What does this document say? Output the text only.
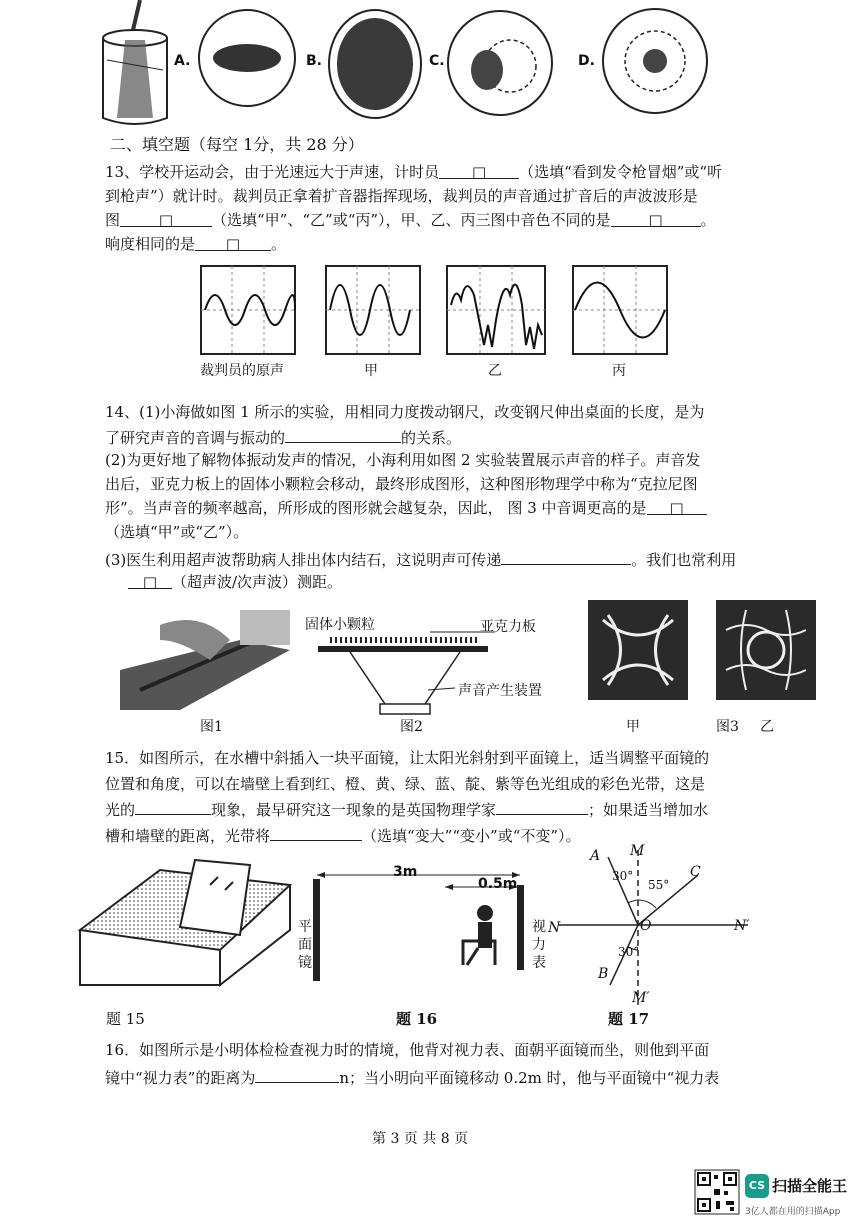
A.	B.	C.	D.
二、填空题（每空 1分，共 28 分）
13、学校开运动会，由于光速远大于声速，计时员 □ （选填“看到发令枪冒烟”或“听
到枪声”）就计时。裁判员正拿着扩音器指挥现场，裁判员的声音通过扩音后的声波波形是
图	□	（选填“甲”、“乙”或“丙”），甲、乙、丙三图中音色不同的是	□	。
响度相同的是 □ 。
裁判员的原声	甲	乙	丙
14、(1)小海做如图 1 所示的实验，用相同力度拨动钢尺，改变钢尺伸出桌面的长度，是为
了研究声音的音调与振动的	的关系。
(2)为更好地了解物体振动发声的情况，小海利用如图 2 实验装置展示声音的样子。声音发
出后，亚克力板上的固体小颗粒会移动，最终形成图形，这种图形物理学中称为“克拉尼图
形”。当声音的频率越高，所形成的图形就会越复杂，因此， 图 3 中音调更高的是 □
（选填“甲”或“乙”）。
(3)医生利用超声波帮助病人排出体内结石，这说明声可传递	。我们也常利用
□ （超声波/次声波）测距。
图1
固体小颗粒	亚克力板
声音产生装置
图2	甲	图3 乙
15．如图所示，在水槽中斜插入一块平面镜，让太阳光斜射到平面镜上，适当调整平面镜的
位置和角度，可以在墙壁上看到红、橙、黄、绿、蓝、靛、紫等色光组成的彩色光带，这是
光的	现象，最早研究这一现象的是英国物理学家	；如果适当增加水
槽和墙壁的距离，光带将	（选填“变大”“变小”或“不变”）。
3m
0.5m
平面镜
视力表
A M
C
30°
55°
N	O	N′
30°
B
M′
题 15	题 16	题 17
16．如图所示是小明体检检查视力时的情境，他背对视力表、面朝平面镜而坐，则他到平面
镜中“视力表”的距离为	n；当小明向平面镜移动 0.2m 时，他与平面镜中“视力表
第 3 页 共 8 页
CS 扫描全能王
3亿人都在用的扫描App
